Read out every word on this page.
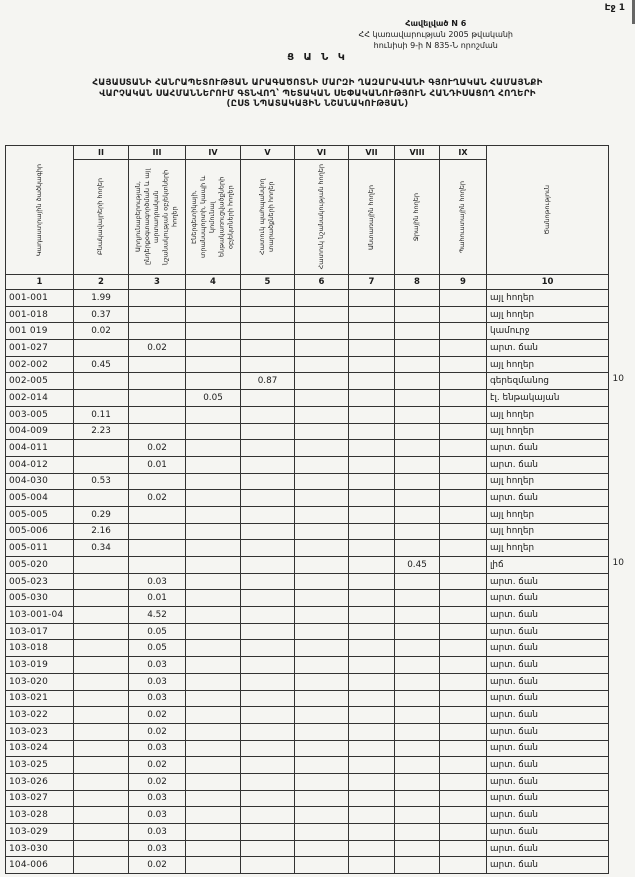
Էջ 1
Հավելված N 6
ՀՀ կառավարության 2005 թվականի
հունիսի 9-ի N 835-Ն որոշման
Ց Ա Ն Կ
ՀԱՅԱՍՏԱՆԻ ՀԱՆՐԱՊԵՏՈՒԹՅԱՆ ԱՐԱԳԱԾՈՏՆԻ ՄԱՐԶԻ ՂԱԶԱՐԱՎԱՆԻ ԳՅՈՒՂԱԿԱՆ ՀԱՄԱՅՆՔԻ
ՎԱՐՉԱԿԱՆ ՍԱՀՄԱՆՆԵՐՈՒՄ ԳՏՆՎՈՂ՝ ՊԵՏԱԿԱՆ ՍԵՓԱԿԱՆՈՒԹՅՈՒՆ ՀԱՆԴԻՍԱՑՈՂ ՀՈՂԵՐԻ
(ԸՍՏ ՆՊԱՏԱԿԱՅԻՆ ՆՇԱՆԱԿՈՒԹՅԱՆ)
Կադաստրային ծածկագիր

II
Բնակավայրերի հողեր

III
Արդյունաբերության, ընդերքօգտագործման և այլ արտադրական նշանակության օբյեկտների հողեր

IV
Էներգետիկայի, տրանսպորտի, կապի և կոմունալ ենթակառուցվածքների օբյեկտների հողեր

V
Հատուկ պահպանվող տարածքների հողեր

VI
Հատուկ նշանակության հողեր

VII
Անտառային հողեր

VIII
Ջրային հողեր

IX
Պահուստային հողեր	Ծանոթություն

1	2	3	4	5	6	7	8	9	10
001-001	1.99								այլ հողեր
001-018	0.37								այլ հողեր
001 019	0.02								կամուրջ
001-027		0.02							արտ. ճան
002-002	0.45								այլ հողեր
002-005				0.87					գերեզմանոց 10

002-014			0.05						էլ. ենթակայան
003-005	0.11								այլ հողեր
004-009	2.23								այլ հողեր
004-011		0.02							արտ. ճան
004-012		0.01							արտ. ճան
004-030	0.53								այլ հողեր
005-004		0.02							արտ. ճան
005-005	0.29								այլ հողեր
005-006	2.16								այլ հողեր
005-011	0.34								այլ հողեր
005-020							0.45		լիճ 10

005-023		0.03							արտ. ճան
005-030		0.01							արտ. ճան
103-001-04		4.52							արտ. ճան
103-017		0.05							արտ. ճան
103-018		0.05							արտ. ճան
103-019		0.03							արտ. ճան
103-020		0.03							արտ. ճան
103-021		0.03							արտ. ճան
103-022		0.02							արտ. ճան
103-023		0.02							արտ. ճան
103-024		0.03							արտ. ճան
103-025		0.02							արտ. ճան
103-026		0.02							արտ. ճան
103-027		0.03							արտ. ճան
103-028		0.03							արտ. ճան
103-029		0.03							արտ. ճան
103-030		0.03							արտ. ճան
104-006		0.02							արտ. ճան
